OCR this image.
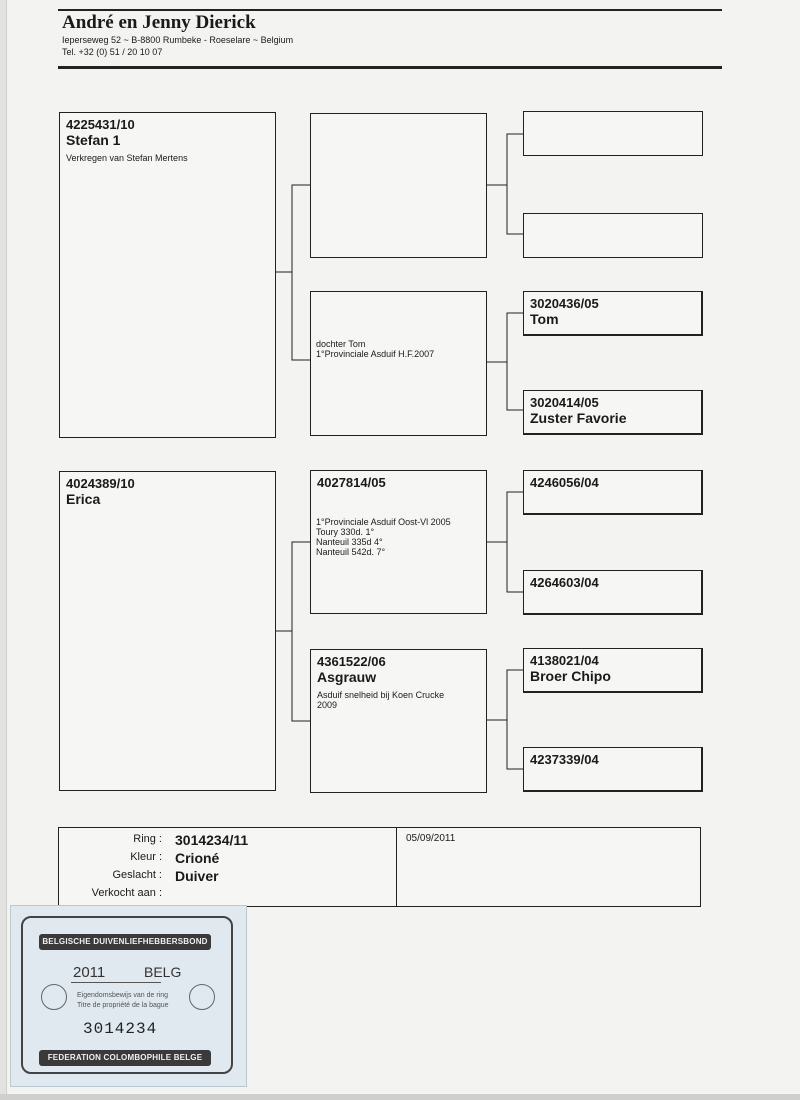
André en Jenny Dierick
Ieperseweg 52 ~ B-8800 Rumbeke - Roeselare ~ Belgium
Tel. +32 (0) 51 / 20 10 07
4225431/10
Stefan 1
Verkregen van Stefan Mertens
4024389/10
Erica
dochter Tom
1°Provinciale Asduif H.F.2007
4027814/05
1°Provinciale Asduif Oost-Vl 2005
Toury 330d. 1°
Nanteuil 335d 4°
Nanteuil 542d. 7°
4361522/06
Asgrauw
Asduif snelheid bij Koen Crucke
2009
3020436/05
Tom
3020414/05
Zuster Favorie
4246056/04
4264603/04
4138021/04
Broer Chipo
4237339/04
Ring : 3014234/11
Kleur : Crioné
Geslacht : Duiver
Verkocht aan :
05/09/2011
BELGISCHE DUIVENLIEFHEBBERSBOND
2011	BELG
Eigendomsbewijs van de ring
Titre de propriété de la bague
3014234
FEDERATION COLOMBOPHILE BELGE
